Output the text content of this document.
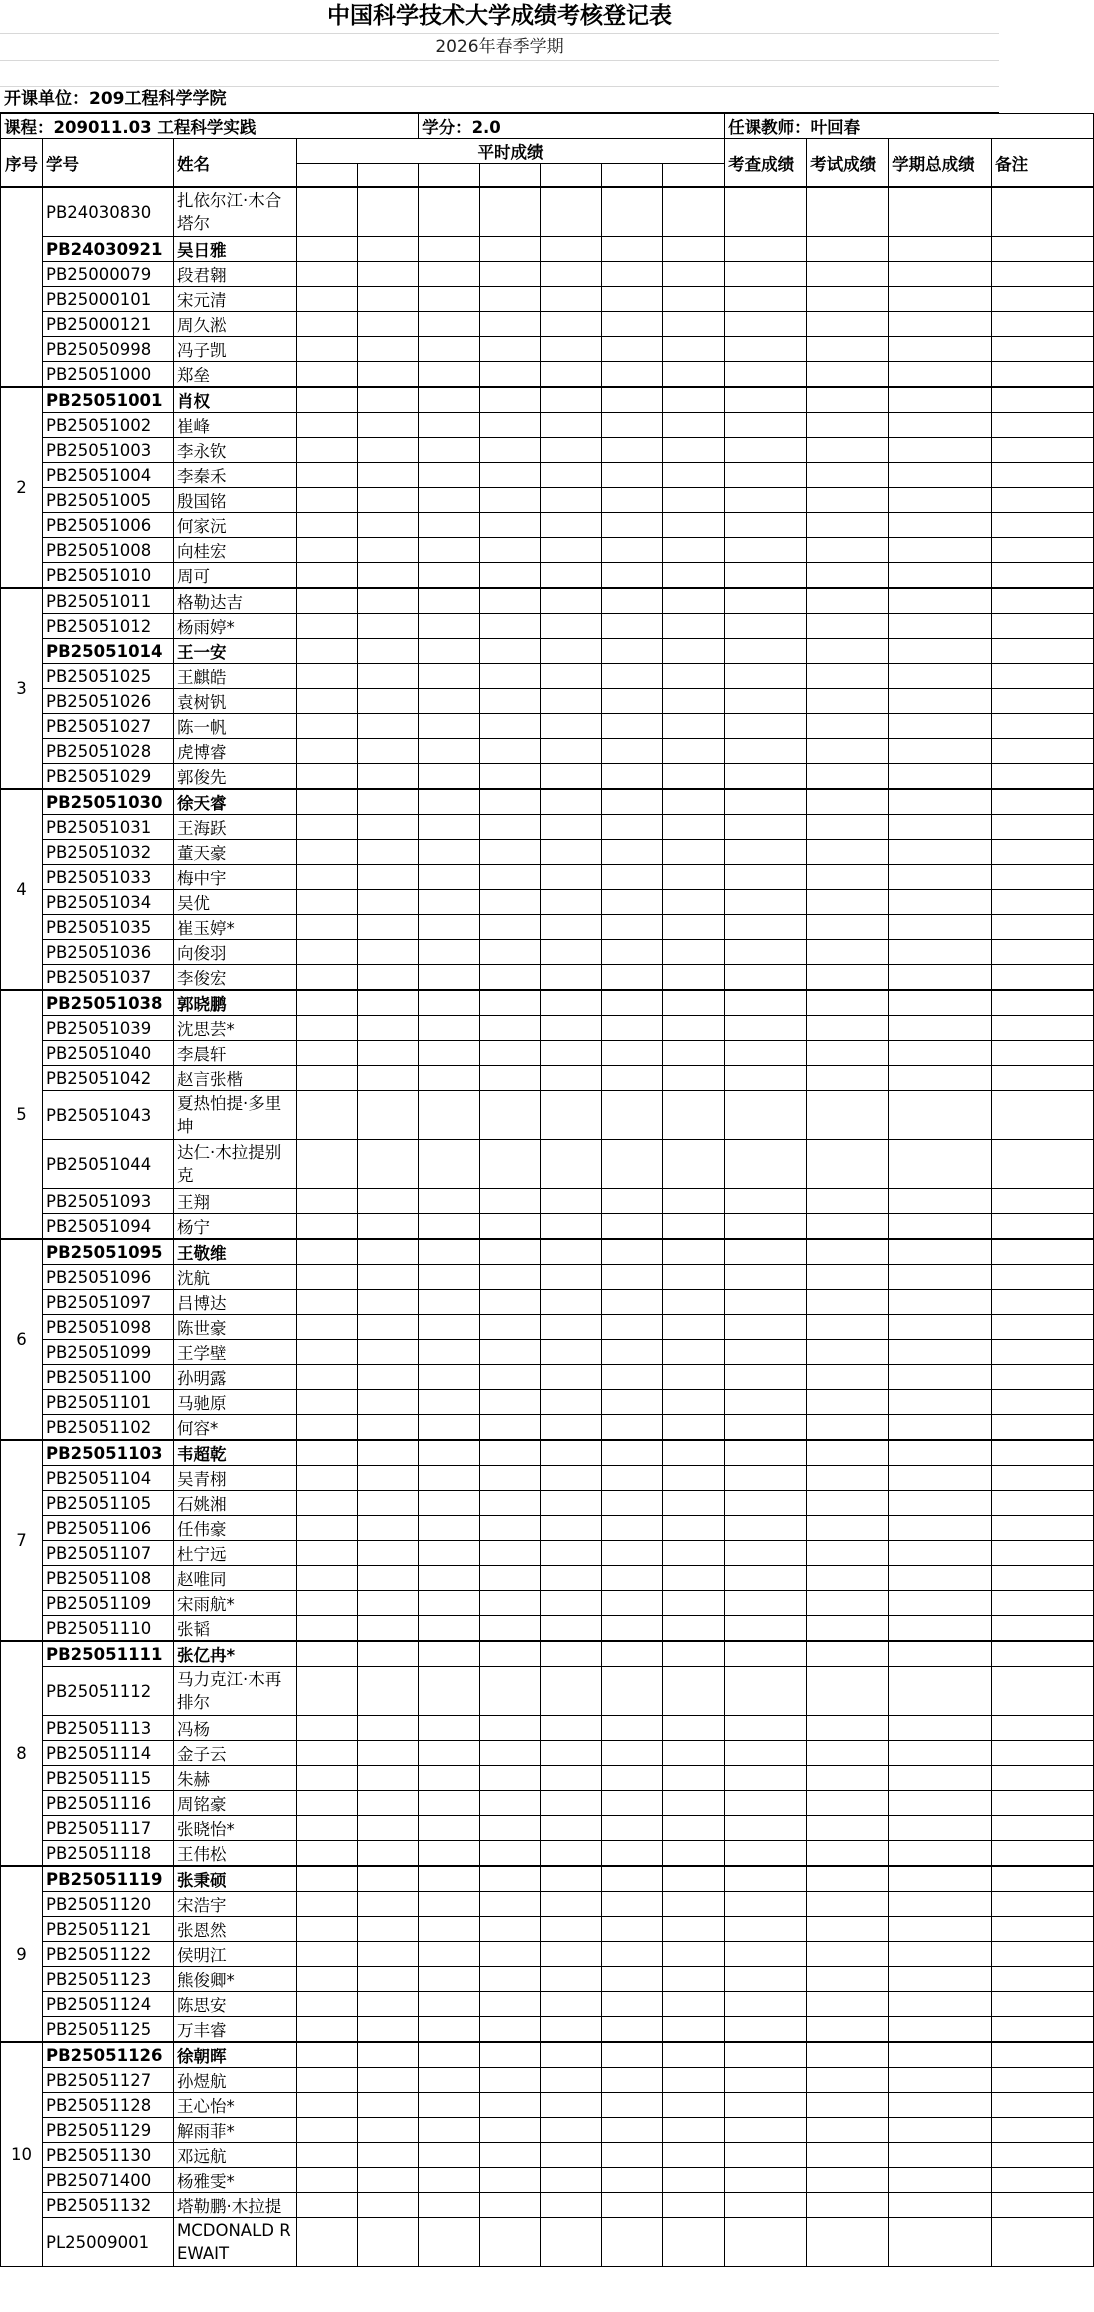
中国科学技术大学成绩考核登记表
2026年春季学期
开课单位：209工程科学学院
课程：209011.03 工程科学实践					学分：2.0					任课教师：叶回春			
序号	学号	姓名	平时成绩							考查成绩	考试成绩	学期总成绩	备注

	PB24030830	扎依尔江·木合塔尔											
	PB24030921	吴日雅											
	PB25000079	段君翱											
	PB25000101	宋元清											
	PB25000121	周久淞											
	PB25050998	冯子凯											
	PB25051000	郑垒											
2	PB25051001	肖权											
	PB25051002	崔峰											
	PB25051003	李永钦											
	PB25051004	李秦禾											
	PB25051005	殷国铭											
	PB25051006	何家沅											
	PB25051008	向桂宏											
	PB25051010	周可											
3	PB25051011	格勒达吉											
	PB25051012	杨雨婷*											
	PB25051014	王一安											
	PB25051025	王麒皓											
	PB25051026	袁树钒											
	PB25051027	陈一帆											
	PB25051028	虎博睿											
	PB25051029	郭俊先											
4	PB25051030	徐天睿											
	PB25051031	王海跃											
	PB25051032	董天豪											
	PB25051033	梅中宇											
	PB25051034	吴优											
	PB25051035	崔玉婷*											
	PB25051036	向俊羽											
	PB25051037	李俊宏											
5	PB25051038	郭晓鹏											
	PB25051039	沈思芸*											
	PB25051040	李晨轩											
	PB25051042	赵言张楷											
	PB25051043	夏热怕提·多里坤											
	PB25051044	达仁·木拉提别克											
	PB25051093	王翔											
	PB25051094	杨宁											
6	PB25051095	王敬维											
	PB25051096	沈航											
	PB25051097	吕博达											
	PB25051098	陈世豪											
	PB25051099	王学壁											
	PB25051100	孙明露											
	PB25051101	马驰原											
	PB25051102	何容*											
7	PB25051103	韦超乾											
	PB25051104	吴青栩											
	PB25051105	石姚湘											
	PB25051106	任伟豪											
	PB25051107	杜宁远											
	PB25051108	赵唯同											
	PB25051109	宋雨航*											
	PB25051110	张韬											
8	PB25051111	张亿冉*											
	PB25051112	马力克江·木再排尔											
	PB25051113	冯杨											
	PB25051114	金子云											
	PB25051115	朱赫											
	PB25051116	周铭豪											
	PB25051117	张晓怡*											
	PB25051118	王伟松											
9	PB25051119	张秉硕											
	PB25051120	宋浩宇											
	PB25051121	张恩然											
	PB25051122	侯明江											
	PB25051123	熊俊卿*											
	PB25051124	陈思安											
	PB25051125	万丰睿											
10	PB25051126	徐朝晖											
	PB25051127	孙煜航											
	PB25051128	王心怡*											
	PB25051129	解雨菲*											
	PB25051130	邓远航											
	PB25071400	杨雅雯*											
	PB25051132	塔勒鹏·木拉提											
	PL25009001	MCDONALD REWAIT											
